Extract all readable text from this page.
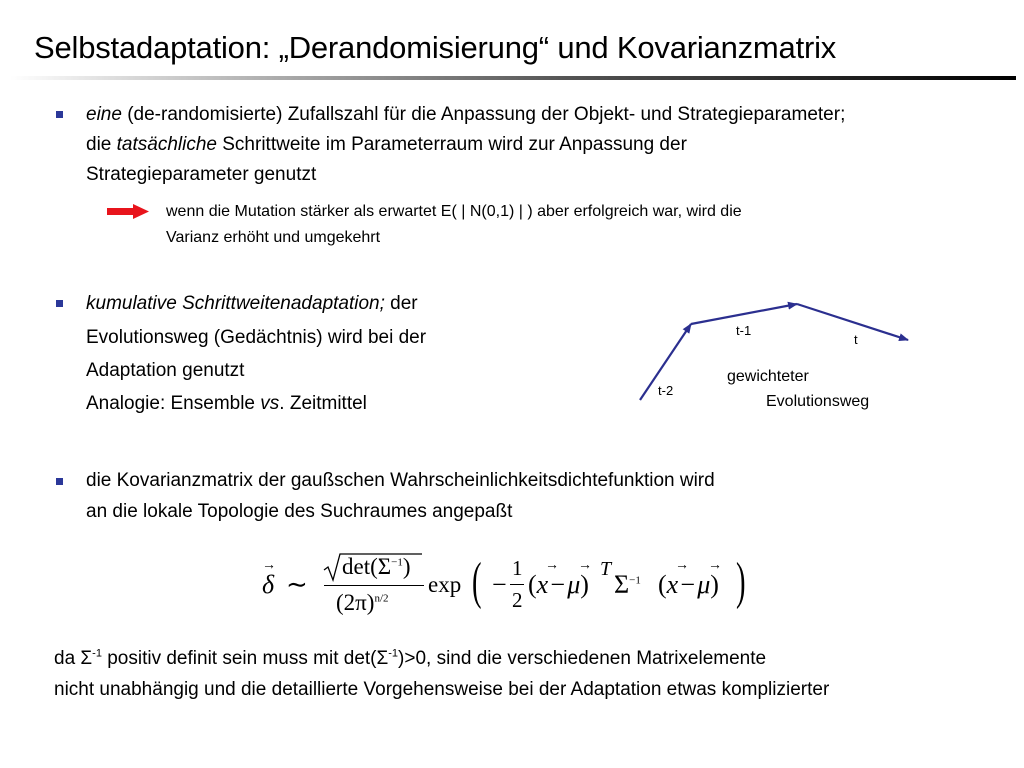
Selbstadaptation: „Derandomisierung“ und Kovarianzmatrix
eine (de-randomisierte) Zufallszahl für die Anpassung der Objekt- und Strategieparameter;
die tatsächliche Schrittweite im Parameterraum wird zur Anpassung der
Strategieparameter genutzt
wenn die Mutation stärker als erwartet E( | N(0,1) | ) aber erfolgreich war, wird die
Varianz erhöht und umgekehrt
kumulative Schrittweitenadaptation; der
Evolutionsweg (Gedächtnis) wird bei der
Adaptation genutzt
Analogie: Ensemble vs. Zeitmittel
t-2
t-1
t
gewichteter
Evolutionsweg
die Kovarianzmatrix der gaußschen Wahrscheinlichkeitsdichtefunktion wird
an die lokale Topologie des Suchraumes angepaßt
δ
→
∼
$\det(\Sigma^{-1})$
$(2\pi)^{n/2}$
exp ( −
1
2
(x − μ)
→ → T
$\Sigma^{-1}$ (x − μ)
→ → )
da $\Sigma^{-1}$ positiv definit sein muss mit $\det(\Sigma^{-1})>0$, sind die verschiedenen Matrixelemente
nicht unabhängig und die detaillierte Vorgehensweise bei der Adaptation etwas komplizierter
